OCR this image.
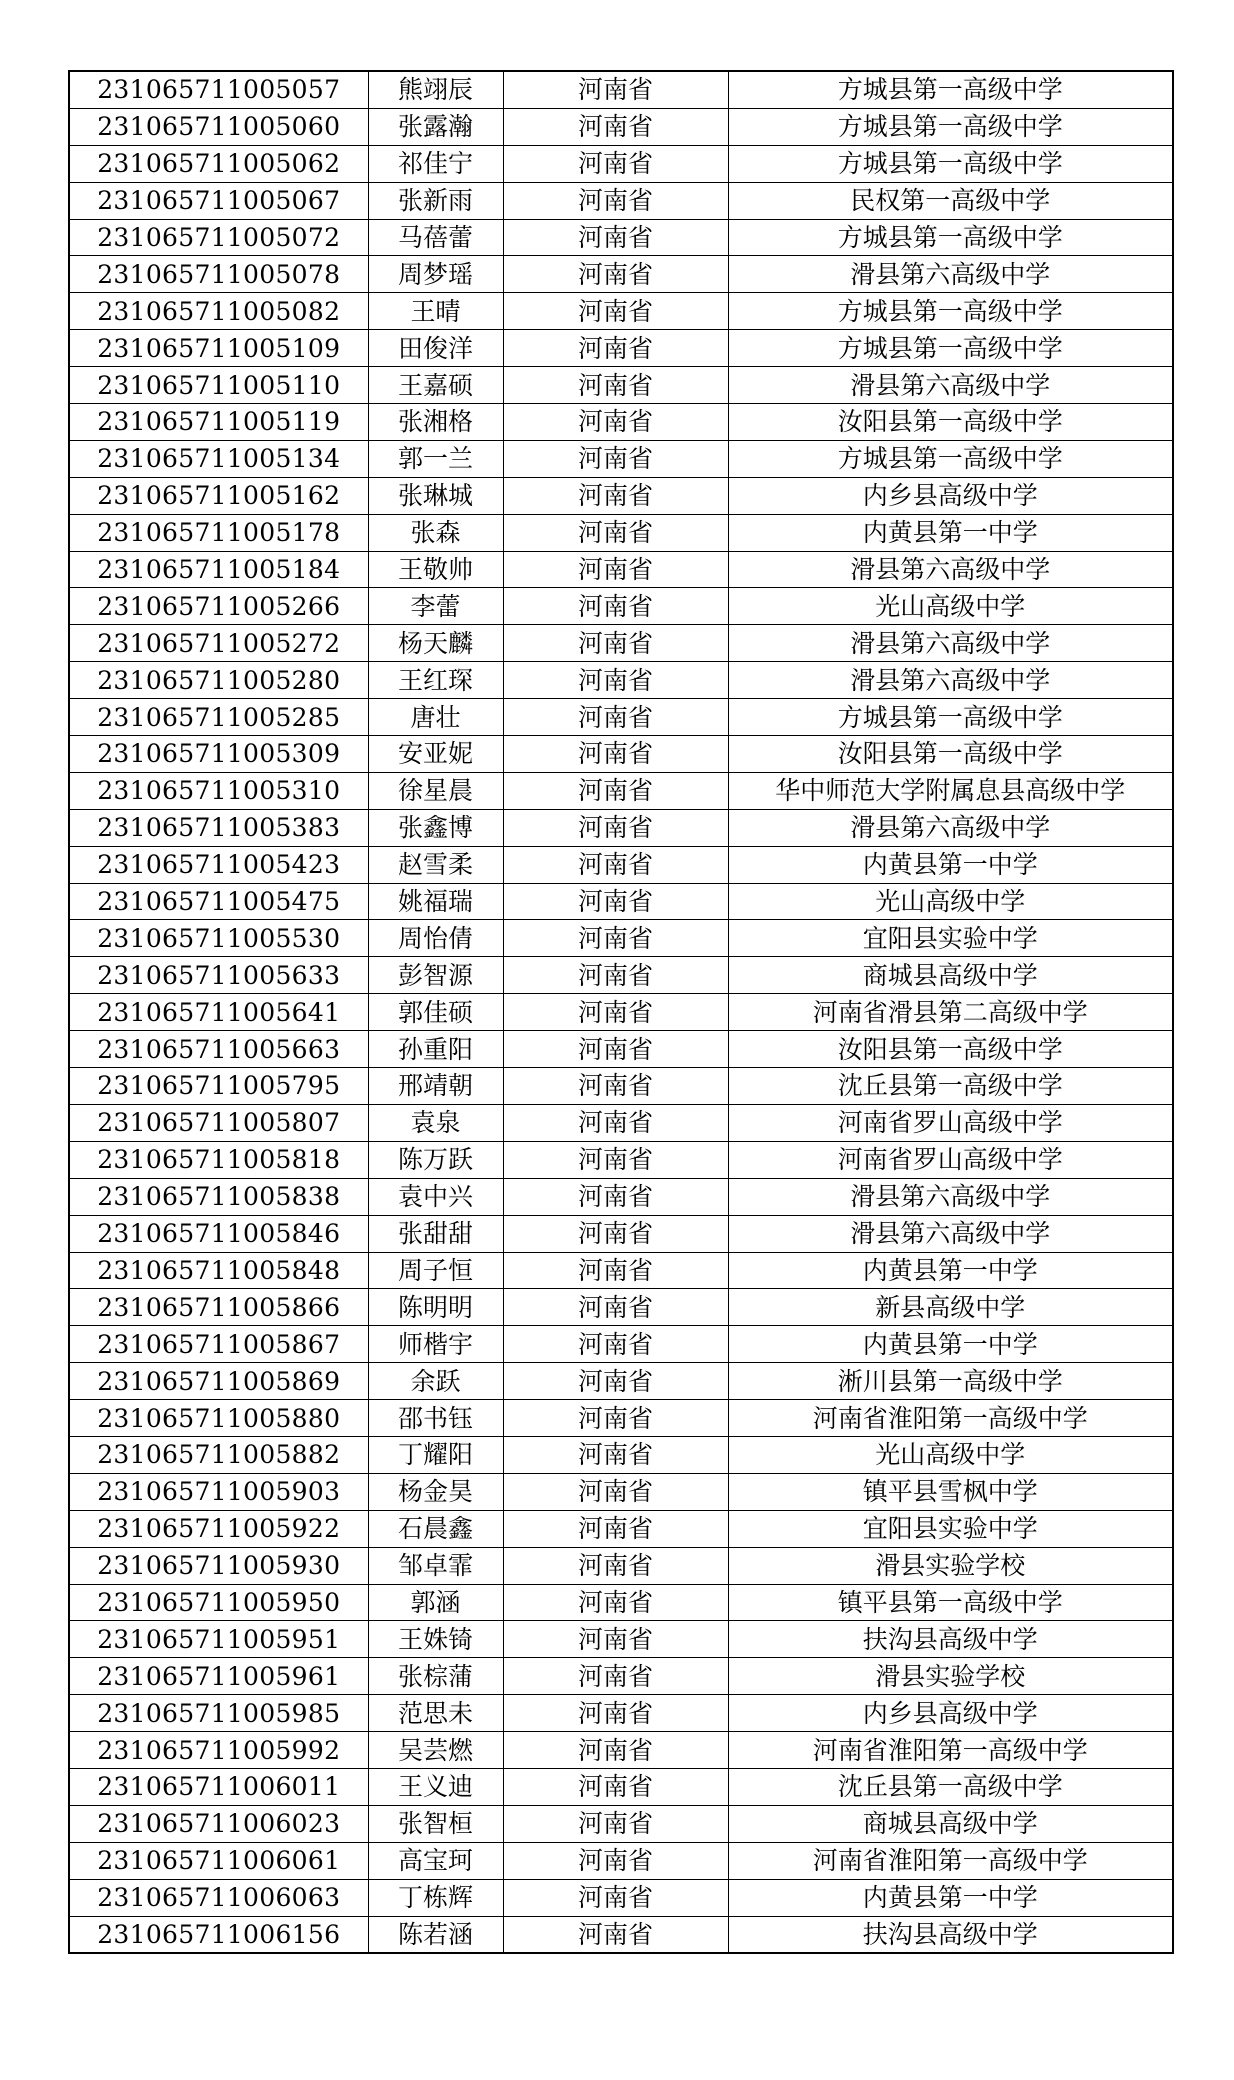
231065711005057	熊翊辰	河南省	方城县第一高级中学
231065711005060	张露瀚	河南省	方城县第一高级中学
231065711005062	祁佳宁	河南省	方城县第一高级中学
231065711005067	张新雨	河南省	民权第一高级中学
231065711005072	马蓓蕾	河南省	方城县第一高级中学
231065711005078	周梦瑶	河南省	滑县第六高级中学
231065711005082	王晴	河南省	方城县第一高级中学
231065711005109	田俊洋	河南省	方城县第一高级中学
231065711005110	王嘉硕	河南省	滑县第六高级中学
231065711005119	张湘格	河南省	汝阳县第一高级中学
231065711005134	郭一兰	河南省	方城县第一高级中学
231065711005162	张琳城	河南省	内乡县高级中学
231065711005178	张森	河南省	内黄县第一中学
231065711005184	王敬帅	河南省	滑县第六高级中学
231065711005266	李蕾	河南省	光山高级中学
231065711005272	杨天麟	河南省	滑县第六高级中学
231065711005280	王红琛	河南省	滑县第六高级中学
231065711005285	唐壮	河南省	方城县第一高级中学
231065711005309	安亚妮	河南省	汝阳县第一高级中学
231065711005310	徐星晨	河南省	华中师范大学附属息县高级中学
231065711005383	张鑫博	河南省	滑县第六高级中学
231065711005423	赵雪柔	河南省	内黄县第一中学
231065711005475	姚福瑞	河南省	光山高级中学
231065711005530	周怡倩	河南省	宜阳县实验中学
231065711005633	彭智源	河南省	商城县高级中学
231065711005641	郭佳硕	河南省	河南省滑县第二高级中学
231065711005663	孙重阳	河南省	汝阳县第一高级中学
231065711005795	邢靖朝	河南省	沈丘县第一高级中学
231065711005807	袁泉	河南省	河南省罗山高级中学
231065711005818	陈万跃	河南省	河南省罗山高级中学
231065711005838	袁中兴	河南省	滑县第六高级中学
231065711005846	张甜甜	河南省	滑县第六高级中学
231065711005848	周子恒	河南省	内黄县第一中学
231065711005866	陈明明	河南省	新县高级中学
231065711005867	师楷宇	河南省	内黄县第一中学
231065711005869	余跃	河南省	淅川县第一高级中学
231065711005880	邵书钰	河南省	河南省淮阳第一高级中学
231065711005882	丁耀阳	河南省	光山高级中学
231065711005903	杨金昊	河南省	镇平县雪枫中学
231065711005922	石晨鑫	河南省	宜阳县实验中学
231065711005930	邹卓霏	河南省	滑县实验学校
231065711005950	郭涵	河南省	镇平县第一高级中学
231065711005951	王姝锜	河南省	扶沟县高级中学
231065711005961	张棕蒲	河南省	滑县实验学校
231065711005985	范思未	河南省	内乡县高级中学
231065711005992	吴芸燃	河南省	河南省淮阳第一高级中学
231065711006011	王义迪	河南省	沈丘县第一高级中学
231065711006023	张智桓	河南省	商城县高级中学
231065711006061	高宝珂	河南省	河南省淮阳第一高级中学
231065711006063	丁栋辉	河南省	内黄县第一中学
231065711006156	陈若涵	河南省	扶沟县高级中学
